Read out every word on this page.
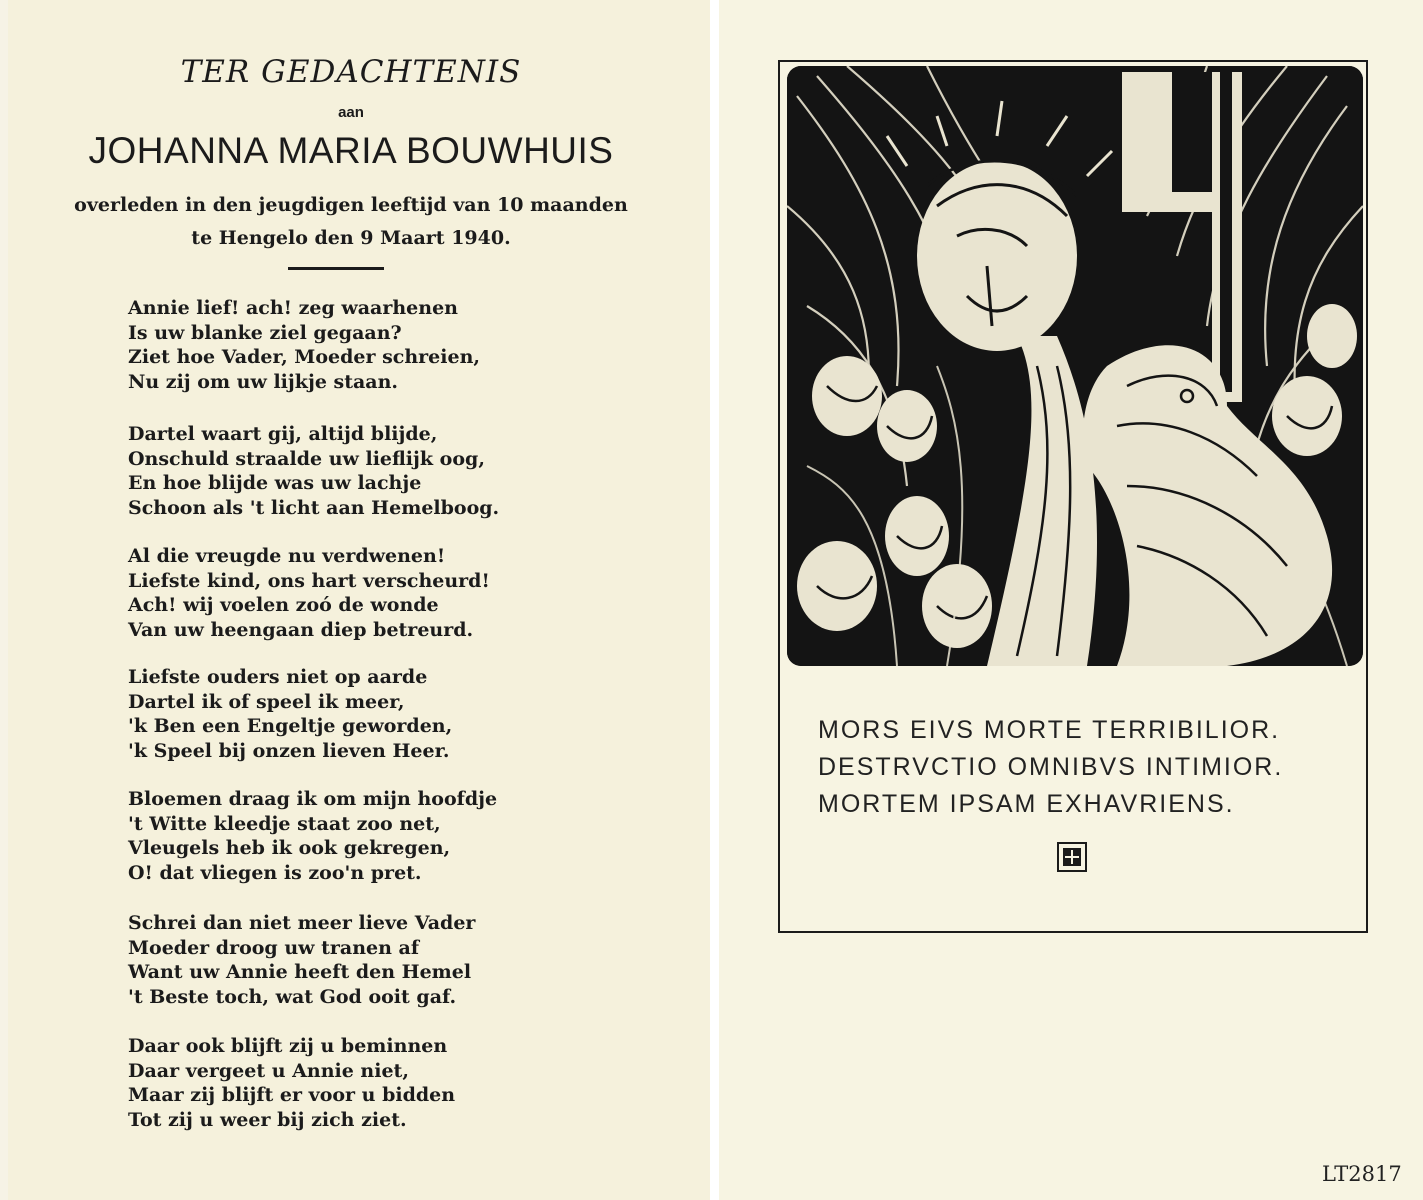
TER GEDACHTENIS
aan
JOHANNA MARIA BOUWHUIS
overleden in den jeugdigen leeftijd van 10 maanden
te Hengelo den 9 Maart 1940.
Annie lief! ach! zeg waarhenen
Is uw blanke ziel gegaan?
Ziet hoe Vader, Moeder schreien,
Nu zij om uw lijkje staan.
Dartel waart gij, altijd blijde,
Onschuld straalde uw lieflijk oog,
En hoe blijde was uw lachje
Schoon als 't licht aan Hemelboog.
Al die vreugde nu verdwenen!
Liefste kind, ons hart verscheurd!
Ach! wij voelen zoó de wonde
Van uw heengaan diep betreurd.
Liefste ouders niet op aarde
Dartel ik of speel ik meer,
'k Ben een Engeltje geworden,
'k Speel bij onzen lieven Heer.
Bloemen draag ik om mijn hoofdje
't Witte kleedje staat zoo net,
Vleugels heb ik ook gekregen,
O! dat vliegen is zoo'n pret.
Schrei dan niet meer lieve Vader
Moeder droog uw tranen af
Want uw Annie heeft den Hemel
't Beste toch, wat God ooit gaf.
Daar ook blijft zij u beminnen
Daar vergeet u Annie niet,
Maar zij blijft er voor u bidden
Tot zij u weer bij zich ziet.
MORS EIVS MORTE TERRIBILIOR.
DESTRVCTIO OMNIBVS INTIMIOR.
MORTEM IPSAM EXHAVRIENS.
LT2817
